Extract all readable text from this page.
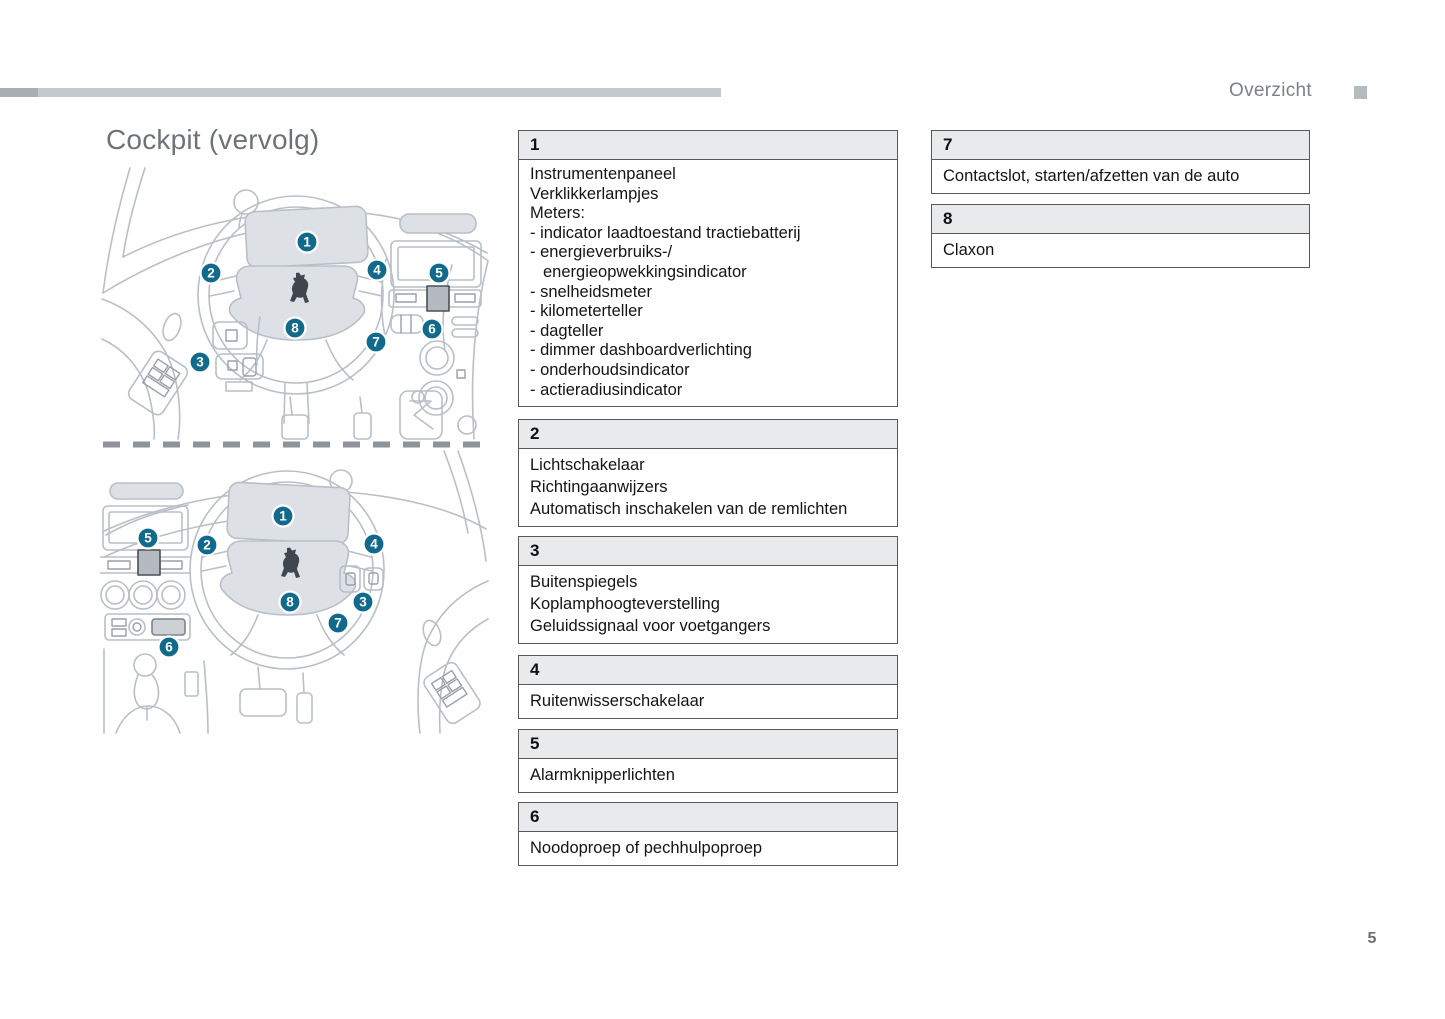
Overzicht
Cockpit (vervolg)
5
1
2
3
4	5
6
7
8
1
2
3
4
5
6
7
8
1
Instrumentenpaneel
Verklikkerlampjes
Meters:
- indicator laadtoestand tractiebatterij
- energieverbruiks-/
energieopwekkingsindicator
- snelheidsmeter
- kilometerteller
- dagteller
- dimmer dashboardverlichting
- onderhoudsindicator
- actieradiusindicator
2
Lichtschakelaar
Richtingaanwijzers
Automatisch inschakelen van de remlichten
3
Buitenspiegels
Koplamphoogteverstelling
Geluidssignaal voor voetgangers
4
Ruitenwisserschakelaar
5
Alarmknipperlichten
6
Noodoproep of pechhulpoproep
7
Contactslot, starten/afzetten van de auto
8
Claxon
